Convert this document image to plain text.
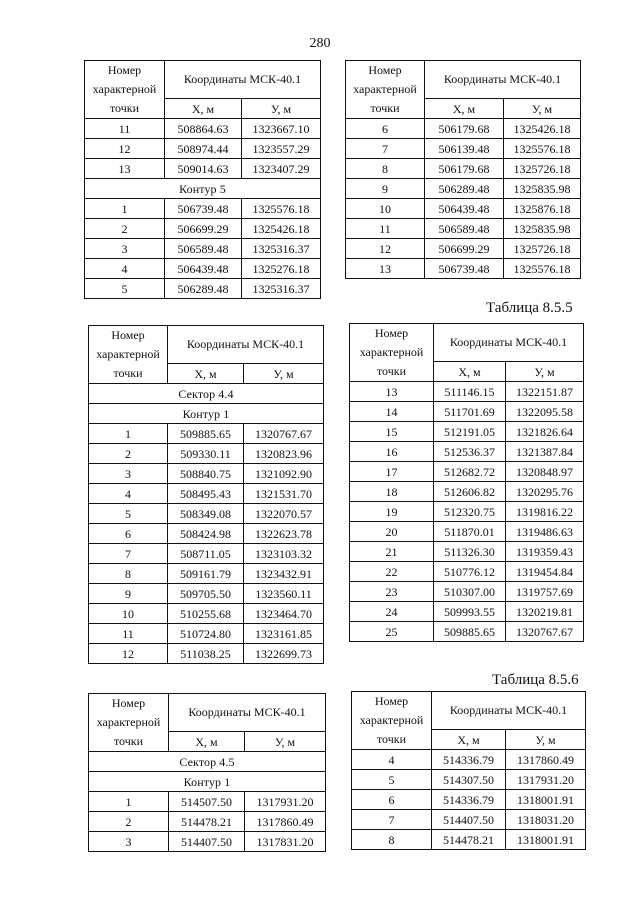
280
Таблица 8.5.5
Таблица 8.5.6
Номер характерной точки	Координаты МСК-40.1	

	X, м	У, м
11	508864.63	1323667.10
12	508974.44	1323557.29
13	509014.63	1323407.29
Контур 5		
1	506739.48	1325576.18
2	506699.29	1325426.18
3	506589.48	1325316.37
4	506439.48	1325276.18
5	506289.48	1325316.37
Номер характерной точки	Координаты МСК-40.1	

	X, м	У, м
6	506179.68	1325426.18
7	506139.48	1325576.18
8	506179.68	1325726.18
9	506289.48	1325835.98
10	506439.48	1325876.18
11	506589.48	1325835.98
12	506699.29	1325726.18
13	506739.48	1325576.18
Номер характерной точки	Координаты МСК-40.1	

	X, м	У, м
Сектор 4.4		
Контур 1		
1	509885.65	1320767.67
2	509330.11	1320823.96
3	508840.75	1321092.90
4	508495.43	1321531.70
5	508349.08	1322070.57
6	508424.98	1322623.78
7	508711.05	1323103.32
8	509161.79	1323432.91
9	509705.50	1323560.11
10	510255.68	1323464.70
11	510724.80	1323161.85
12	511038.25	1322699.73
Номер характерной точки	Координаты МСК-40.1	

	X, м	У, м
13	511146.15	1322151.87
14	511701.69	1322095.58
15	512191.05	1321826.64
16	512536.37	1321387.84
17	512682.72	1320848.97
18	512606.82	1320295.76
19	512320.75	1319816.22
20	511870.01	1319486.63
21	511326.30	1319359.43
22	510776.12	1319454.84
23	510307.00	1319757.69
24	509993.55	1320219.81
25	509885.65	1320767.67
Номер характерной точки	Координаты МСК-40.1	

	X, м	У, м
Сектор 4.5		
Контур 1		
1	514507.50	1317931.20
2	514478.21	1317860.49
3	514407.50	1317831.20
Номер характерной точки	Координаты МСК-40.1	

	X, м	У, м
4	514336.79	1317860.49
5	514307.50	1317931.20
6	514336.79	1318001.91
7	514407.50	1318031.20
8	514478.21	1318001.91
